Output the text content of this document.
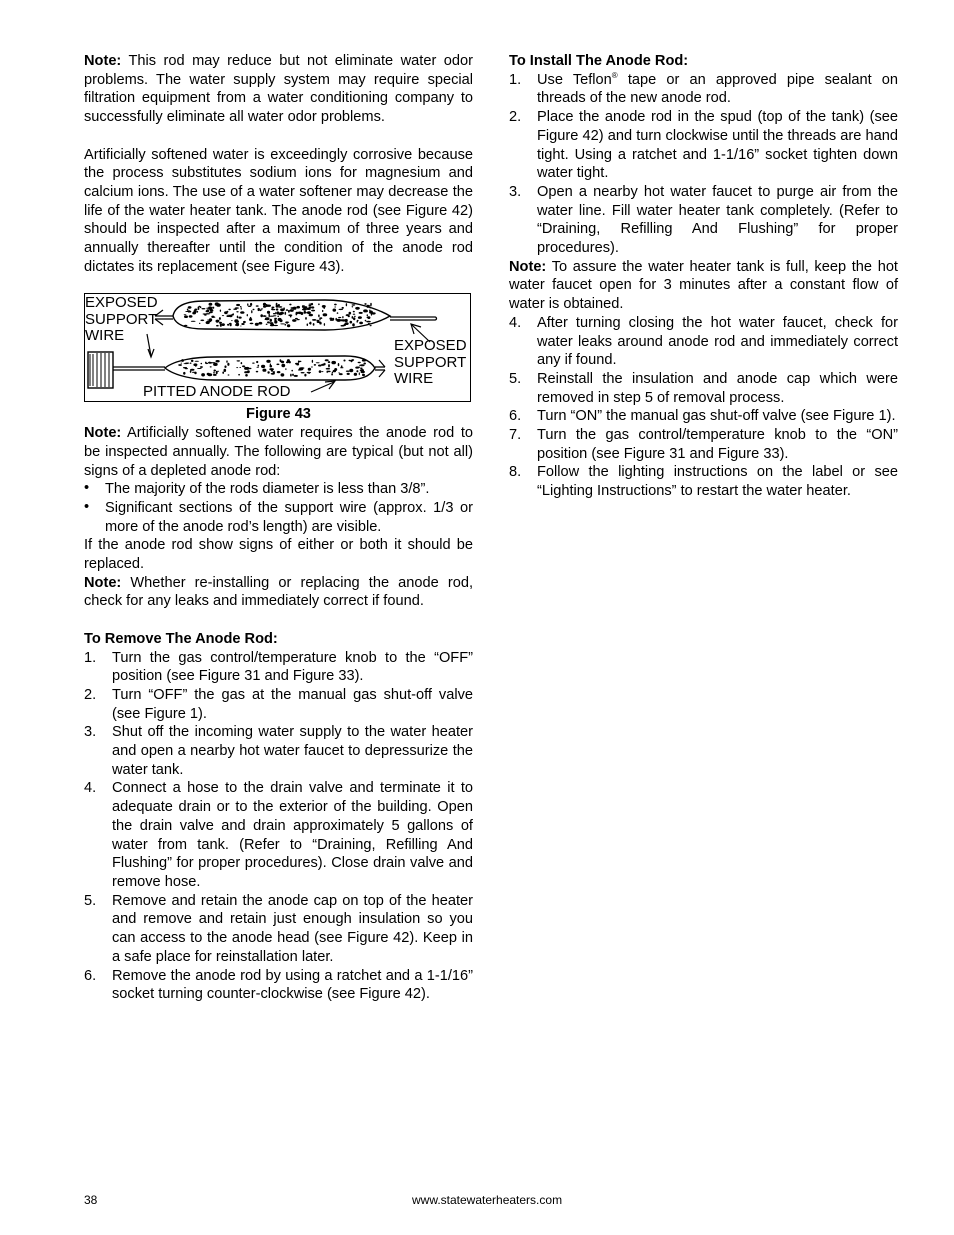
Note: This rod may reduce but not eliminate water odor problems. The water supply system may require special filtration equipment from a water conditioning company to successfully eliminate all water odor problems.

Artificially softened water is exceedingly corrosive because the process substitutes sodium ions for magnesium and calcium ions. The use of a water softener may decrease the life of the water heater tank. The anode rod (see Figure 42) should be inspected after a maximum of three years and annually thereafter until the condition of the anode rod dictates its replacement (see Figure 43).

EXPOSED
SUPPORT
WIRE
EXPOSED
SUPPORT
WIRE
PITTED ANODE ROD
Figure 43

Note: Artificially softened water requires the anode rod to be inspected annually. The following are typical (but not all) signs of a depleted anode rod:

• The majority of the rods diameter is less than 3/8”.
• Significant sections of the support wire (approx. 1/3 or more of the anode rod’s length) are visible.

If the anode rod show signs of either or both it should be replaced.

Note: Whether re-installing or replacing the anode rod, check for any leaks and immediately correct if found.

To Remove The Anode Rod:
1. Turn the gas control/temperature knob to the “OFF” position (see Figure 31 and Figure 33).
2. Turn “OFF” the gas at the manual gas shut-off valve (see Figure 1).
3. Shut off the incoming water supply to the water heater and open a nearby hot water faucet to depressurize the water tank.
4. Connect a hose to the drain valve and terminate it to adequate drain or to the exterior of the building. Open the drain valve and drain approximately 5 gallons of water from tank. (Refer to “Draining, Refilling And Flushing” for proper procedures). Close drain valve and remove hose.
5. Remove and retain the anode cap on top of the heater and remove and retain just enough insulation so you can access to the anode head (see Figure 42). Keep in a safe place for reinstallation later.
6. Remove the anode rod by using a ratchet and a 1-1/16” socket turning counter-clockwise (see Figure 42).
To Install The Anode Rod:
1. Use Teflon® tape or an approved pipe sealant on threads of the new anode rod.
2. Place the anode rod in the spud (top of the tank) (see Figure 42) and turn clockwise until the threads are hand tight. Using a ratchet and 1-1/16” socket tighten down water tight.
3. Open a nearby hot water faucet to purge air from the water line. Fill water heater tank completely. (Refer to “Draining, Refilling And Flushing” for proper procedures).

Note: To assure the water heater tank is full, keep the hot water faucet open for 3 minutes after a constant flow of water is obtained.

4. After turning closing the hot water faucet, check for water leaks around anode rod and immediately correct any if found.
5. Reinstall the insulation and anode cap which were removed in step 5 of removal process.
6. Turn “ON” the manual gas shut-off valve (see Figure 1).
7. Turn the gas control/temperature knob to the “ON” position (see Figure 31 and Figure 33).
8. Follow the lighting instructions on the label or see “Lighting Instructions” to restart the water heater.
38	www.statewaterheaters.com
